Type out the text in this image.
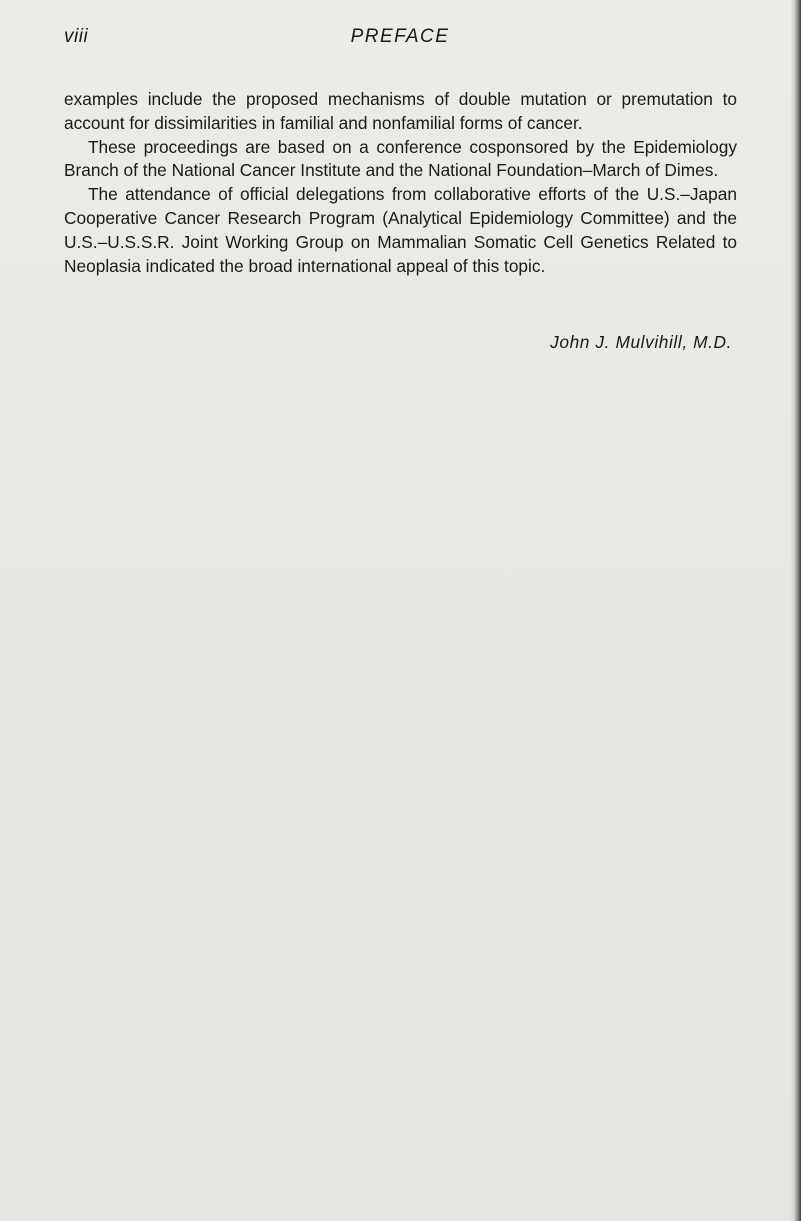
viii	PREFACE

examples include the proposed mechanisms of double mutation or premutation to account for dissimilarities in familial and nonfamilial forms of cancer.

These proceedings are based on a conference cosponsored by the Epidemiology Branch of the National Cancer Institute and the National Foundation–March of Dimes.

The attendance of official delegations from collaborative efforts of the U.S.–Japan Cooperative Cancer Research Program (Analytical Epidemiology Committee) and the U.S.–U.S.S.R. Joint Working Group on Mammalian Somatic Cell Genetics Related to Neoplasia indicated the broad international appeal of this topic.

John J. Mulvihill, M.D.
